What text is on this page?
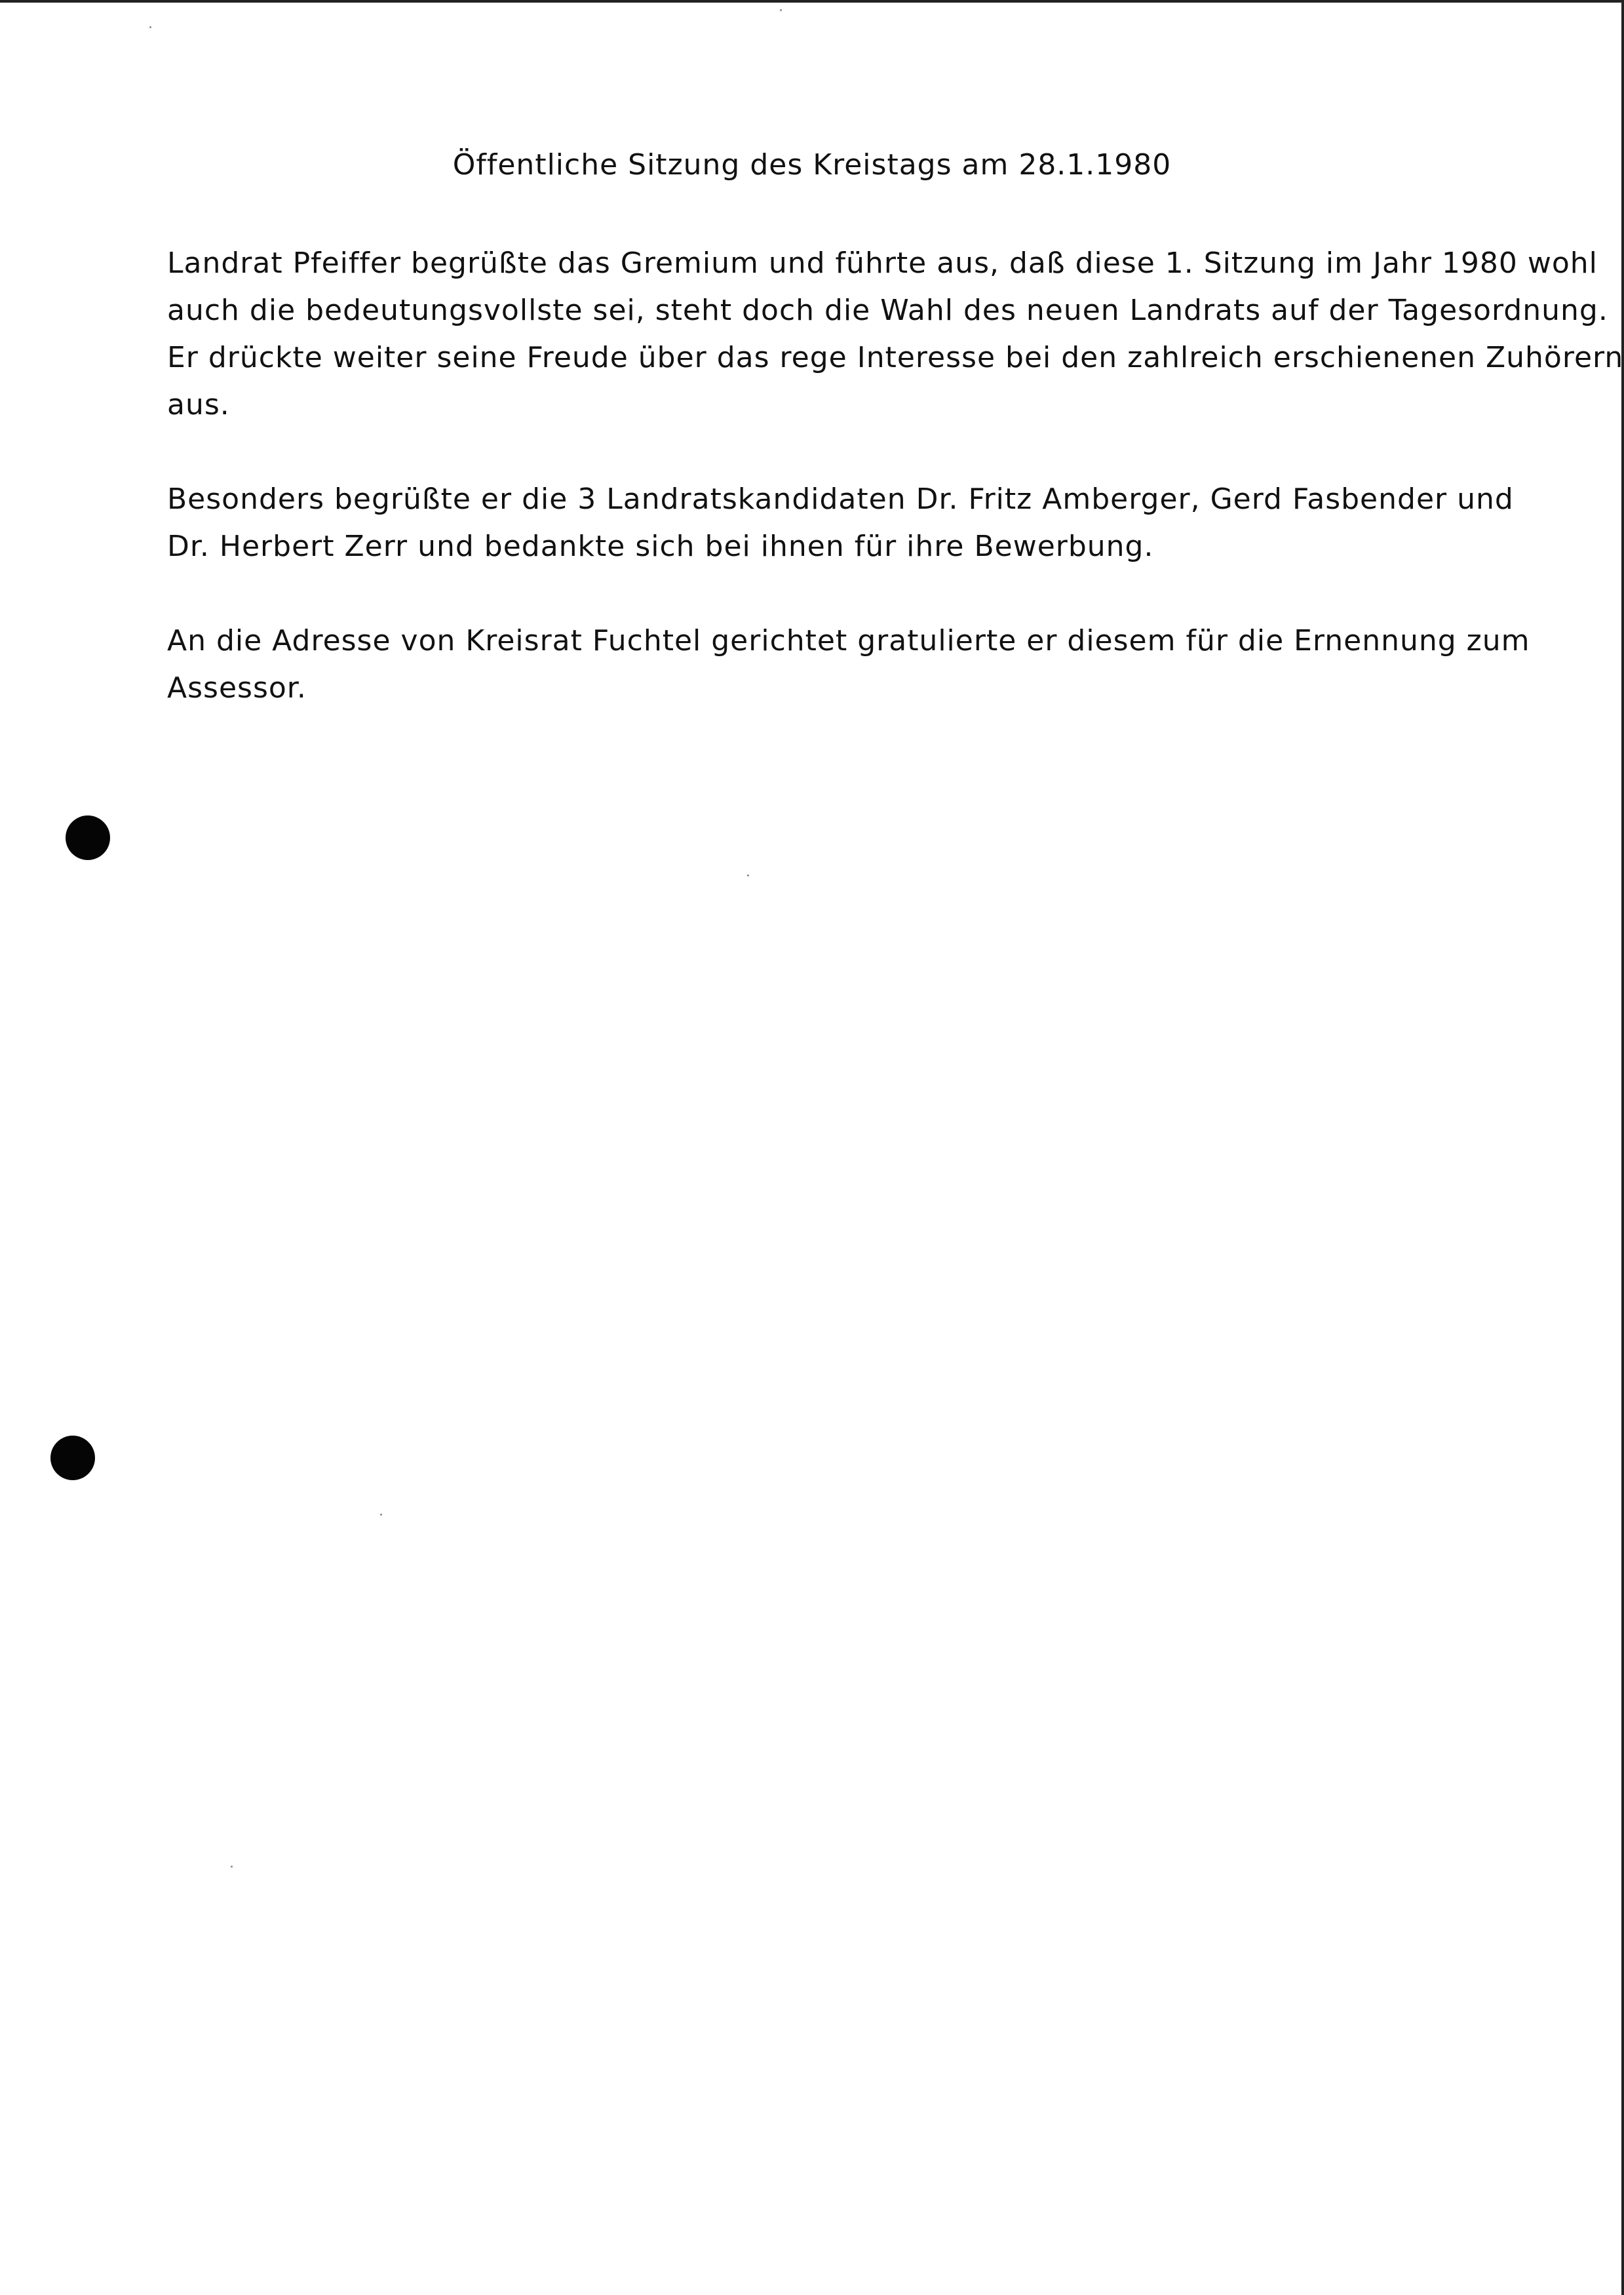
Öffentliche Sitzung des Kreistags am 28.1.1980

Landrat Pfeiffer begrüßte das Gremium und führte aus, daß diese 1. Sitzung im Jahr 1980 wohl
auch die bedeutungsvollste sei, steht doch die Wahl des neuen Landrats auf der Tagesordnung.
Er drückte weiter seine Freude über das rege Interesse bei den zahlreich erschienenen Zuhörern
aus.

Besonders begrüßte er die 3 Landratskandidaten Dr. Fritz Amberger, Gerd Fasbender und
Dr. Herbert Zerr und bedankte sich bei ihnen für ihre Bewerbung.

An die Adresse von Kreisrat Fuchtel gerichtet gratulierte er diesem für die Ernennung zum
Assessor.
